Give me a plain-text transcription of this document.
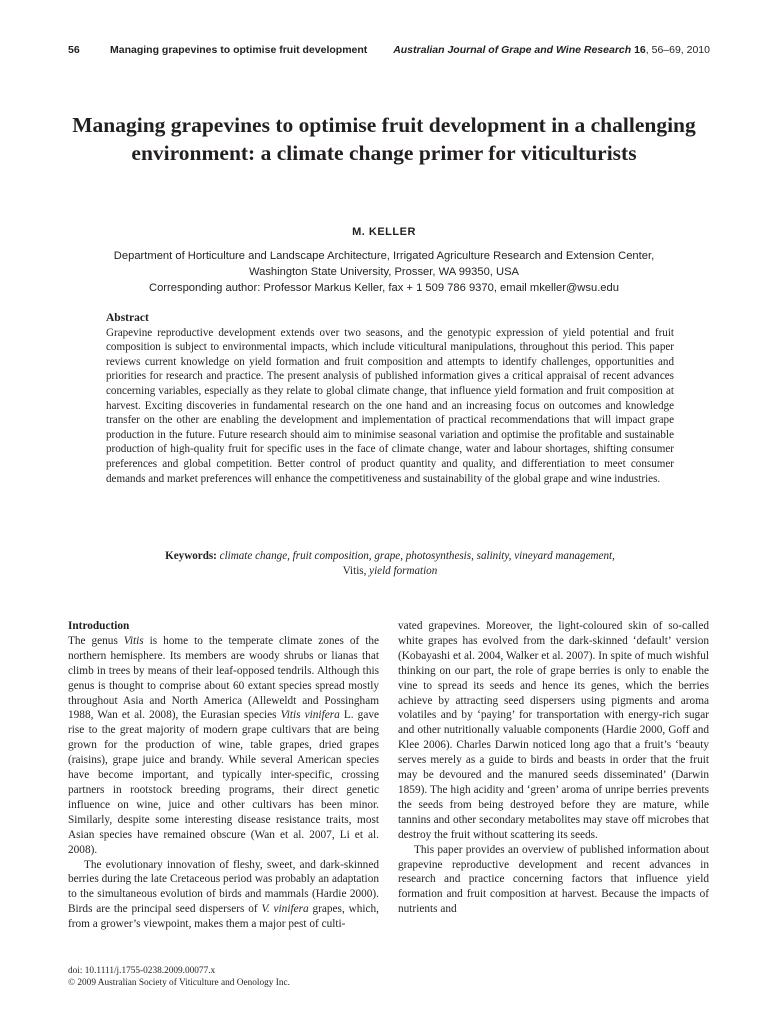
56	Managing grapevines to optimise fruit development Australian Journal of Grape and Wine Research 16, 56–69, 2010
Managing grapevines to optimise fruit development in a challenging environment: a climate change primer for viticulturists
M. KELLER
Department of Horticulture and Landscape Architecture, Irrigated Agriculture Research and Extension Center,
Washington State University, Prosser, WA 99350, USA
Corresponding author: Professor Markus Keller, fax + 1 509 786 9370, email mkeller@wsu.edu
Abstract

Grapevine reproductive development extends over two seasons, and the genotypic expression of yield potential and fruit composition is subject to environmental impacts, which include viticultural manipulations, throughout this period. This paper reviews current knowledge on yield formation and fruit composition and attempts to identify challenges, opportunities and priorities for research and practice. The present analysis of published information gives a critical appraisal of recent advances concerning variables, especially as they relate to global climate change, that influence yield formation and fruit composition at harvest. Exciting discoveries in fundamental research on the one hand and an increasing focus on outcomes and knowledge transfer on the other are enabling the development and implementation of practical recommendations that will impact grape production in the future. Future research should aim to minimise seasonal variation and optimise the profitable and sustainable production of high-quality fruit for specific uses in the face of climate change, water and labour shortages, shifting consumer preferences and global competition. Better control of product quantity and quality, and differentiation to meet consumer demands and market preferences will enhance the competitiveness and sustainability of the global grape and wine industries.

Keywords: climate change, fruit composition, grape, photosynthesis, salinity, vineyard management,
Vitis, yield formation
Introduction

The genus Vitis is home to the temperate climate zones of the northern hemisphere. Its members are woody shrubs or lianas that climb in trees by means of their leaf-opposed tendrils. Although this genus is thought to comprise about 60 extant species spread mostly throughout Asia and North America (Alleweldt and Possingham 1988, Wan et al. 2008), the Eurasian species Vitis vinifera L. gave rise to the great majority of modern grape cultivars that are being grown for the production of wine, table grapes, dried grapes (raisins), grape juice and brandy. While several American species have become important, and typically inter-specific, crossing partners in rootstock breeding programs, their direct genetic influence on wine, juice and other cultivars has been minor. Similarly, despite some interesting disease resistance traits, most Asian species have remained obscure (Wan et al. 2007, Li et al. 2008).

The evolutionary innovation of fleshy, sweet, and dark-skinned berries during the late Cretaceous period was probably an adaptation to the simultaneous evolution of birds and mammals (Hardie 2000). Birds are the principal seed dispersers of V. vinifera grapes, which, from a grower’s viewpoint, makes them a major pest of culti-

vated grapevines. Moreover, the light-coloured skin of so-called white grapes has evolved from the dark-skinned ‘default’ version (Kobayashi et al. 2004, Walker et al. 2007). In spite of much wishful thinking on our part, the role of grape berries is only to enable the vine to spread its seeds and hence its genes, which the berries achieve by attracting seed dispersers using pigments and aroma volatiles and by ‘paying’ for transportation with energy-rich sugar and other nutritionally valuable components (Hardie 2000, Goff and Klee 2006). Charles Darwin noticed long ago that a fruit’s ‘beauty serves merely as a guide to birds and beasts in order that the fruit may be devoured and the manured seeds disseminated’ (Darwin 1859). The high acidity and ‘green’ aroma of unripe berries prevents the seeds from being destroyed before they are mature, while tannins and other secondary metabolites may stave off microbes that destroy the fruit without scattering its seeds.

This paper provides an overview of published information about grapevine reproductive development and recent advances in research and practice concerning factors that influence yield formation and fruit composition at harvest. Because the impacts of nutrients and

doi: 10.1111/j.1755-0238.2009.00077.x
© 2009 Australian Society of Viticulture and Oenology Inc.
